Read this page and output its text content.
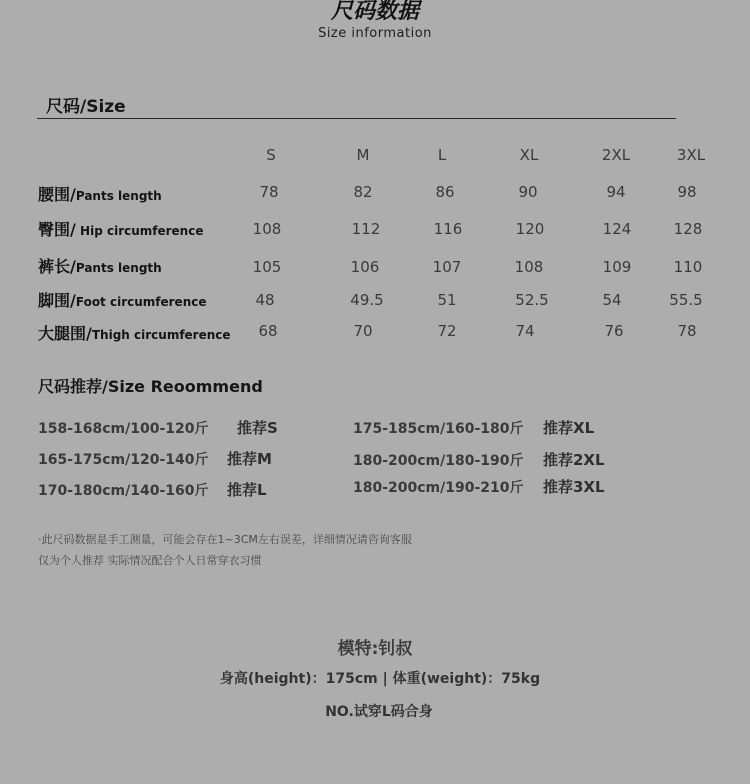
尺码数据
Size information
尺码/Size
S	M	L	XL	2XL	3XL
腰围/Pants length	78	82	86	90	94	98
臀围/ Hip circumference	108	112	116	120	124	128
裤长/Pants length	105	106	107	108	109	110
脚围/Foot circumference	48	49.5	51	52.5	54	55.5
大腿围/Thigh circumference	68	70	72	74	76	78
尺码推荐/Size Reoommend
158-168cm/100-120斤 推荐S
165-175cm/120-140斤 推荐M
170-180cm/140-160斤 推荐L
175-185cm/160-180斤 推荐XL
180-200cm/180-190斤 推荐2XL
180-200cm/190-210斤 推荐3XL
·此尺码数据是手工测量，可能会存在1~3CM左右误差，详细情况请咨询客服
仅为个人推荐 实际情况配合个人日常穿衣习惯
模特:钊叔
身高(height)：175cm | 体重(weight)：75kg
NO.试穿L码合身
